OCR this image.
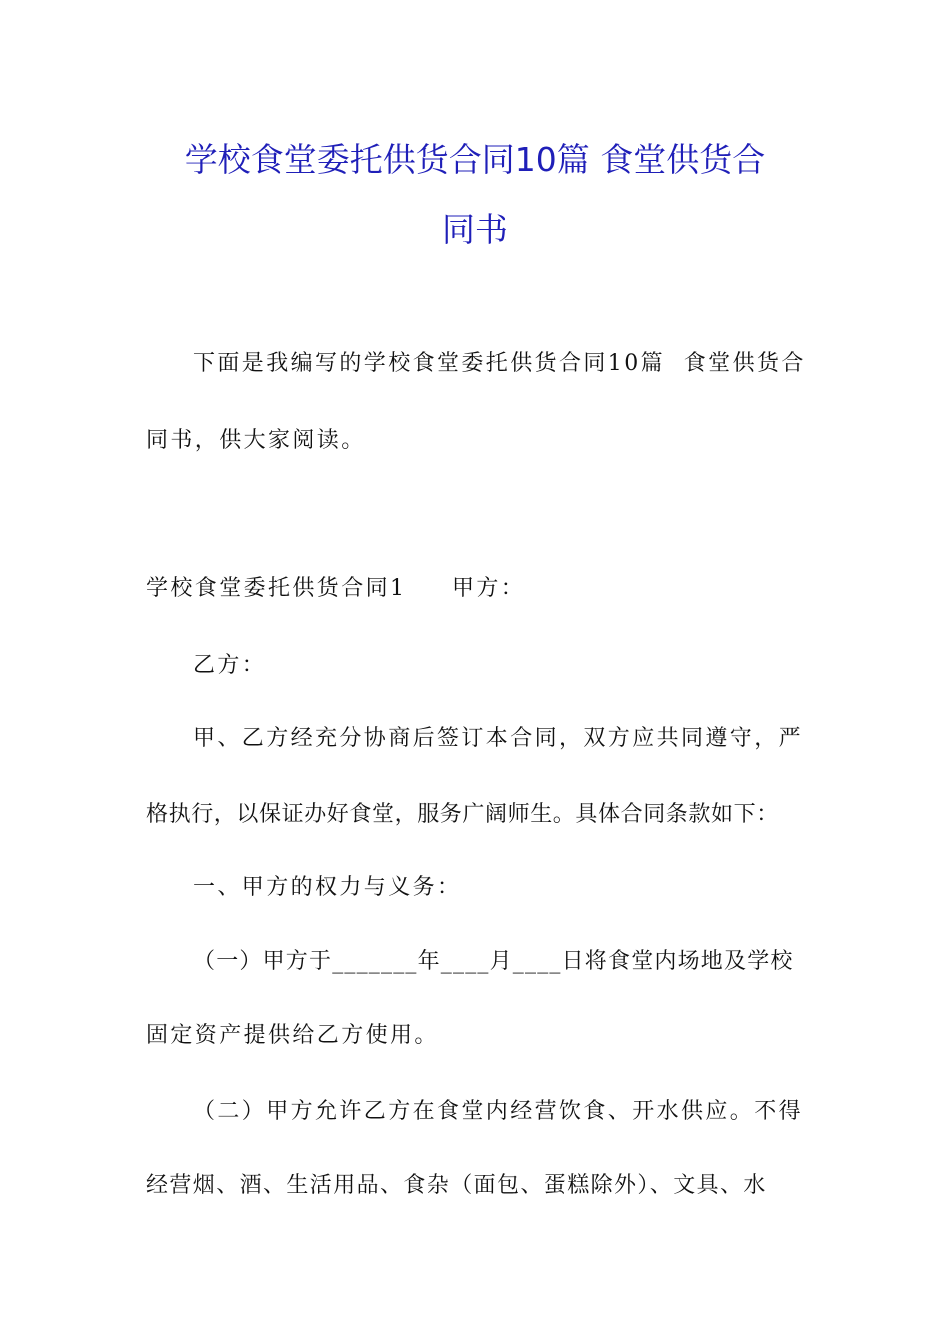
学校食堂委托供货合同10篇 食堂供货合
同书
下面是我编写的学校食堂委托供货合同10篇  食堂供货合
同书，供大家阅读。
学校食堂委托供货合同1 甲方：
乙方：
甲、乙方经充分协商后签订本合同，双方应共同遵守，严
格执行，以保证办好食堂，服务广阔师生。具体合同条款如下：
一、甲方的权力与义务：
（一）甲方于_______年____月____日将食堂内场地及学校
固定资产提供给乙方使用。
（二）甲方允许乙方在食堂内经营饮食、开水供应。不得
经营烟、酒、生活用品、食杂（面包、蛋糕除外）、文具、水
